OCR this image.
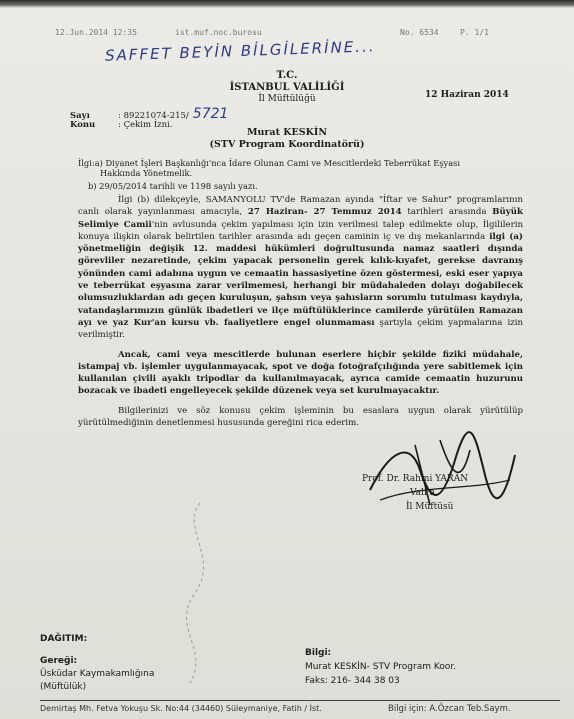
12.Jun.2014 12:35	ist.muf.noc.burosu	No. 6534	P. 1/1
SAFFET BEYİN BİLGİLERİNE...
T.C.
İSTANBUL VALİLİĞİ
İl Müftülüğü	12 Haziran 2014
Sayı	: 89221074-215/ 5721
Konu	: Çekim İzni.
Murat KESKİN
(STV Program Koordinatörü)
İlgi:a) Diyanet İşleri Başkanlığı'nca İdare Olunan Cami ve Mescitlerdeki Teberrükat Eşyası
Hakkında Yönetmelik.
b) 29/05/2014 tarihli ve 1198 sayılı yazı.

İlgi (b) dilekçeyle, SAMANYOLU TV'de Ramazan ayında "İftar ve Sahur" programlarının canlı olarak yayınlanması amacıyla, 27 Haziran- 27 Temmuz 2014 tarihleri arasında Büyük Selimiye Camii'nin avlusunda çekim yapılması için izin verilmesi talep edilmekte olup, İlgililerin konuya ilişkin olarak belirtilen tarihler arasında adı geçen caminin iç ve dış mekanlarında ilgi (a) yönetmeliğin değişik 12. maddesi hükümleri doğrultusunda namaz saatleri dışında görevliler nezaretinde, çekim yapacak personelin gerek kılık-kıyafet, gerekse davranış yönünden cami adabına uygun ve cemaatin hassasiyetine özen göstermesi, eski eser yapıya ve teberrükat eşyasına zarar verilmemesi, herhangi bir müdahaleden dolayı doğabilecek olumsuzluklardan adı geçen kuruluşun, şahsın veya şahısların sorumlu tutulması kaydıyla, vatandaşlarımızın günlük ibadetleri ve ilçe müftülüklerince camilerde yürütülen Ramazan ayı ve yaz Kur'an kursu vb. faaliyetlere engel olunmaması şartıyla çekim yapmalarına izin verilmiştir.

Ancak, cami veya mescitlerde bulunan eserlere hiçbir şekilde fiziki müdahale, istampaj vb. işlemler uygulanmayacak, spot ve doğa fotoğrafçılığında yere sabitlemek için kullanılan çivili ayaklı tripodlar da kullanılmayacak, ayrıca camide cemaatin huzurunu bozacak ve ibadeti engelleyecek şekilde düzenek veya set kurulmayacaktır.

Bilgilerinizi ve söz konusu çekim işleminin bu esaslara uygun olarak yürütülüp yürütülmediğinin denetlenmesi hususunda gereğini rica ederim.

Prof. Dr. Rahmi YARAN
Vali a.
İl Müftüsü
DAĞITIM:
Gereği:
Üsküdar Kaymakamlığına
(Müftülük)
Bilgi:
Murat KESKİN- STV Program Koor.
Faks: 216- 344 38 03
Demirtaş Mh. Fetva Yokuşu Sk. No:44 (34460) Süleymaniye, Fatih / İst.	Bilgi için: A.Özcan Teb.Saym.
